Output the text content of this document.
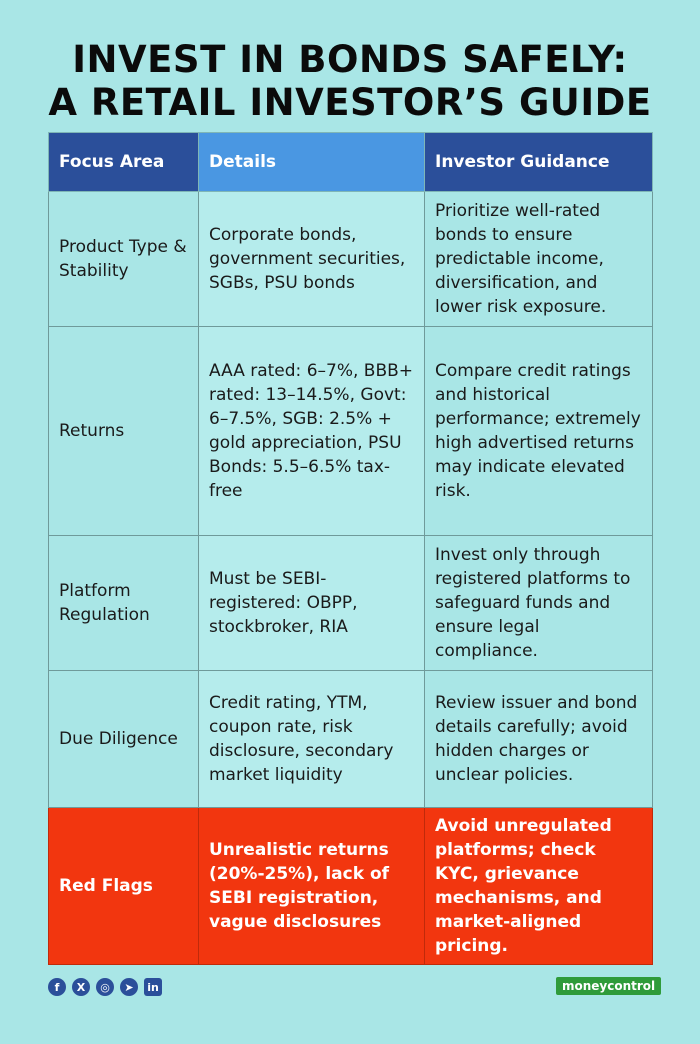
INVEST IN BONDS SAFELY:
A RETAIL INVESTOR’S GUIDE
Focus Area	Details	Investor Guidance
Product Type & Stability	Corporate bonds, government securities, SGBs, PSU bonds	Prioritize well-rated bonds to ensure predictable income, diversification, and lower risk exposure.
Returns	AAA rated: 6–7%, BBB+ rated: 13–14.5%, Govt: 6–7.5%, SGB: 2.5% + gold appreciation, PSU Bonds: 5.5–6.5% tax-free	Compare credit ratings and historical performance; extremely high advertised returns may indicate elevated risk.
Platform Regulation	Must be SEBI-registered: OBPP, stockbroker, RIA	Invest only through registered platforms to safeguard funds and ensure legal compliance.
Due Diligence	Credit rating, YTM, coupon rate, risk disclosure, secondary market liquidity	Review issuer and bond details carefully; avoid hidden charges or unclear policies.
Red Flags	Unrealistic returns (20%-25%), lack of SEBI registration, vague disclosures	Avoid unregulated platforms; check KYC, grievance mechanisms, and market-aligned pricing.
f	X	◎	➤	in	moneycontrol
